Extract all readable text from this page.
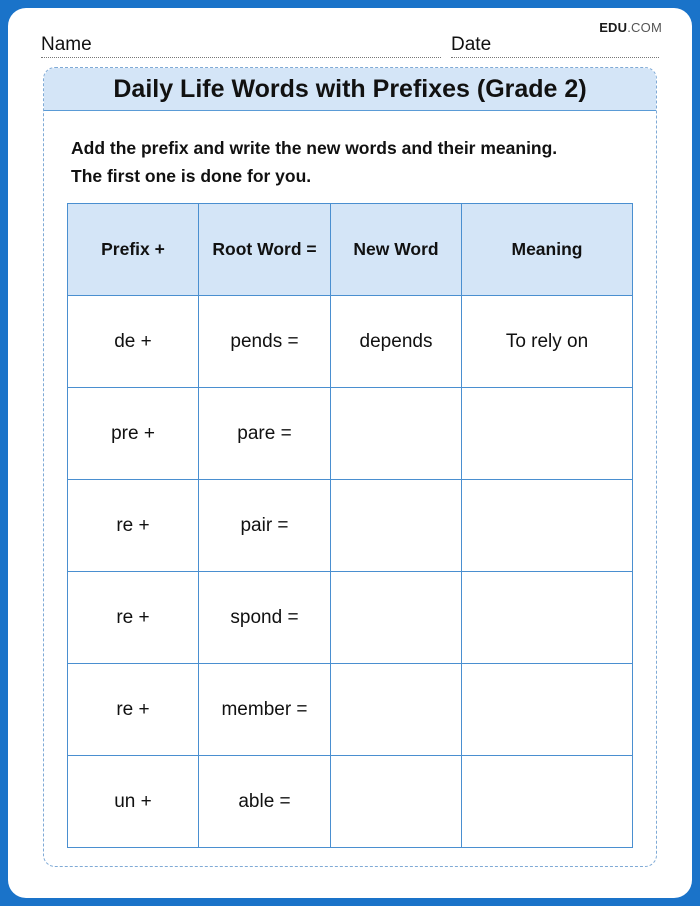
EDU.COM
Name	Date
Daily Life Words with Prefixes (Grade 2)
Add the prefix and write the new words and their meaning.
The first one is done for you.
Prefix +	Root Word =	New Word	Meaning
de +	pends =	depends	To rely on
pre +	pare =		
re +	pair =		
re +	spond =		
re +	member =		
un +	able =		
